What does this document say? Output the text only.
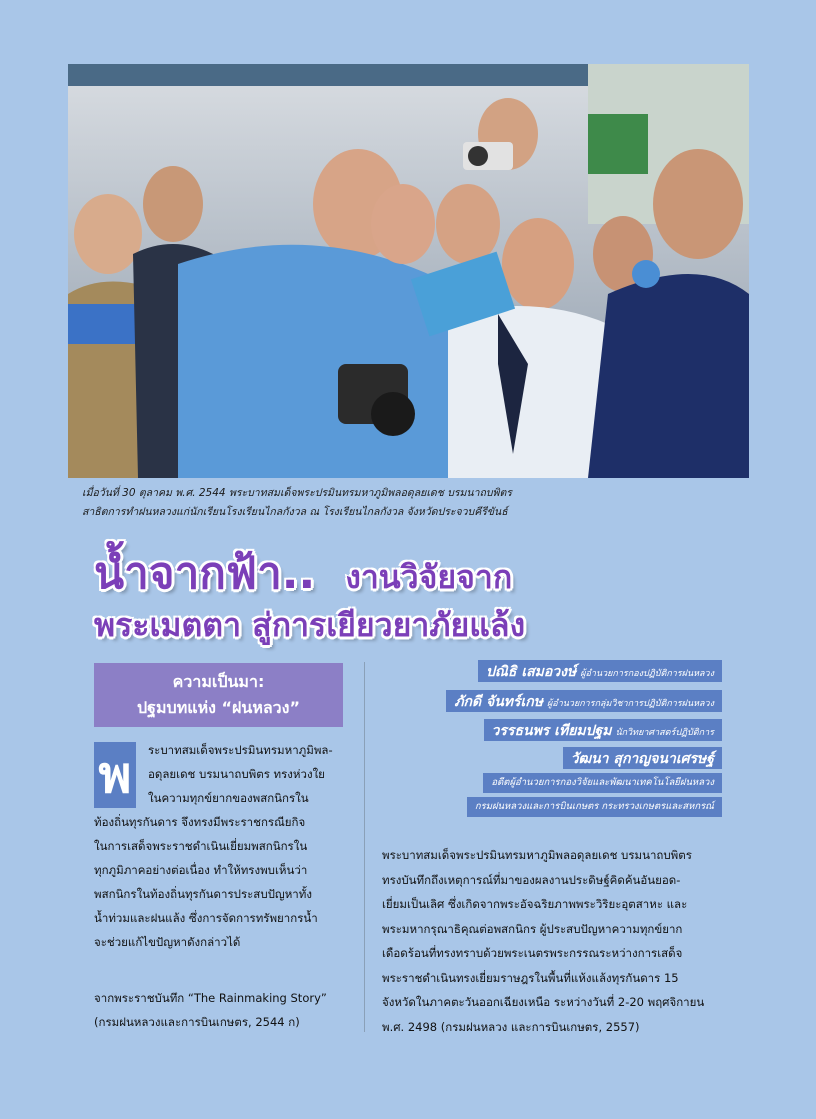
เมื่อวันที่ 30 ตุลาคม พ.ศ. 2544 พระบาทสมเด็จพระปรมินทรมหาภูมิพลอดุลยเดช บรมนาถบพิตร
สาธิตการทำฝนหลวงแก่นักเรียนโรงเรียนไกลกังวล ณ โรงเรียนไกลกังวล จังหวัดประจวบคีรีขันธ์
น้ำจากฟ้า.. งานวิจัยจาก
พระเมตตา สู่การเยียวยาภัยแล้ง
ความเป็นมา:
ปฐมบทแห่ง “ฝนหลวง”
พ	ระบาทสมเด็จพระปรมินทรมหาภูมิพล-
อดุลยเดช บรมนาถบพิตร ทรงห่วงใย
ในความทุกข์ยากของพสกนิกรใน
ท้องถิ่นทุรกันดาร จึงทรงมีพระราชกรณียกิจ
ในการเสด็จพระราชดำเนินเยี่ยมพสกนิกรใน
ทุกภูมิภาคอย่างต่อเนื่อง ทำให้ทรงพบเห็นว่า
พสกนิกรในท้องถิ่นทุรกันดารประสบปัญหาทั้ง
น้ำท่วมและฝนแล้ง ซึ่งการจัดการทรัพยากรน้ำ
จะช่วยแก้ไขปัญหาดังกล่าวได้
จากพระราชบันทึก “The Rainmaking Story”
(กรมฝนหลวงและการบินเกษตร, 2544 ก)
ปณิธิ เสมอวงษ์ ผู้อำนวยการกองปฏิบัติการฝนหลวง
ภักดี จันทร์เกษ ผู้อำนวยการกลุ่มวิชาการปฏิบัติการฝนหลวง
วรรธนพร เทียมปฐม นักวิทยาศาสตร์ปฏิบัติการ
วัฒนา สุกาญจนาเศรษฐ์
อดีตผู้อำนวยการกองวิจัยและพัฒนาเทคโนโลยีฝนหลวง
กรมฝนหลวงและการบินเกษตร กระทรวงเกษตรและสหกรณ์
พระบาทสมเด็จพระปรมินทรมหาภูมิพลอดุลยเดช บรมนาถบพิตร
ทรงบันทึกถึงเหตุการณ์ที่มาของผลงานประดิษฐ์คิดค้นอันยอด-
เยี่ยมเป็นเลิศ ซึ่งเกิดจากพระอัจฉริยภาพพระวิริยะอุตสาหะ และ
พระมหากรุณาธิคุณต่อพสกนิกร ผู้ประสบปัญหาความทุกข์ยาก
เดือดร้อนที่ทรงทราบด้วยพระเนตรพระกรรณระหว่างการเสด็จ
พระราชดำเนินทรงเยี่ยมราษฎรในพื้นที่แห้งแล้งทุรกันดาร 15
จังหวัดในภาคตะวันออกเฉียงเหนือ ระหว่างวันที่ 2-20 พฤศจิกายน
พ.ศ. 2498 (กรมฝนหลวง และการบินเกษตร, 2557)
